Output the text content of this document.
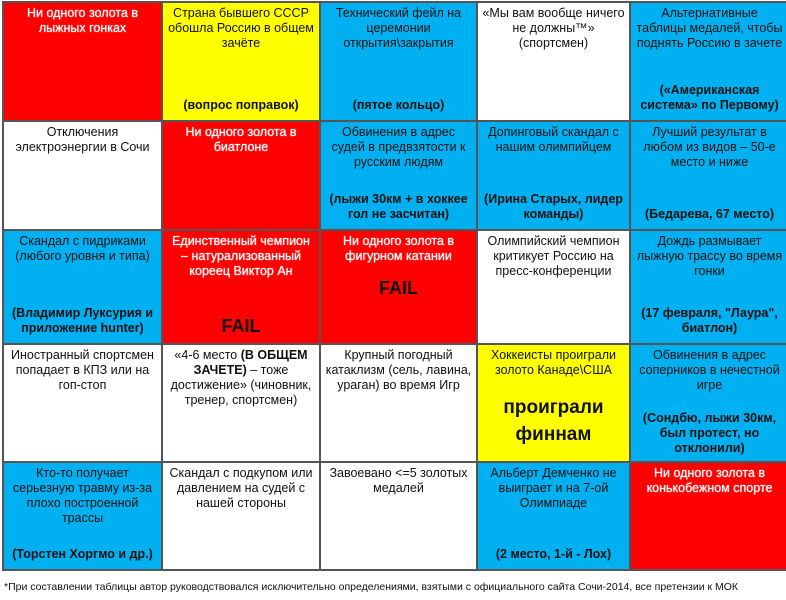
Ни одного золота в лыжных гонках
Страна бывшего СССР обошла Россию в общем зачёте
(вопрос поправок)
Технический фейл на церемонии открытия\закрытия
(пятое кольцо)
«Мы вам вообще ничего не должны™» (спортсмен)
Альтернативные таблицы медалей, чтобы поднять Россию в зачете
(«Американская система» по Первому)
Отключения электроэнергии в Сочи
Ни одного золота в биатлоне
Обвинения в адрес судей в предвзятости к русским людям
(лыжи 30км + в хоккее гол не засчитан)
Допинговый скандал с нашим олимпийцем
(Ирина Старых, лидер команды)
Лучший результат в любом из видов – 50-е место и ниже
(Бедарева, 67 место)
Скандал с пидриками (любого уровня и типа)
(Владимир Луксурия и приложение hunter)
Единственный чемпион – натурализованный кореец Виктор Ан
FAIL
Ни одного золота в фигурном катании
FAIL
Олимпийский чемпион критикует Россию на пресс-конференции
Дождь размывает лыжную трассу во время гонки
(17 февраля, "Лаура", биатлон)
Иностранный спортсмен попадает в КПЗ или на гоп-стоп
«4-6 место (В ОБЩЕМ ЗАЧЕТЕ) – тоже достижение» (чиновник, тренер, спортсмен)
Крупный погодный катаклизм (сель, лавина, ураган) во время Игр
Хоккеисты проиграли золото Канаде\США
проиграли финнам
Обвинения в адрес соперников в нечестной игре
(Сондбю, лыжи 30км, был протест, но отклонили)
Кто-то получает серьезную травму из-за плохо построенной трассы
(Торстен Хоргмо и др.)
Скандал с подкупом или давлением на судей с нашей стороны
Завоевано <=5 золотых медалей
Альберт Демченко не выиграет и на 7-ой Олимпиаде
(2 место, 1-й - Лох)
Ни одного золота в конькобежном спорте
*При составлении таблицы автор руководствовался исключительно определениями, взятыми с официального сайта Сочи-2014, все претензии к МОК
